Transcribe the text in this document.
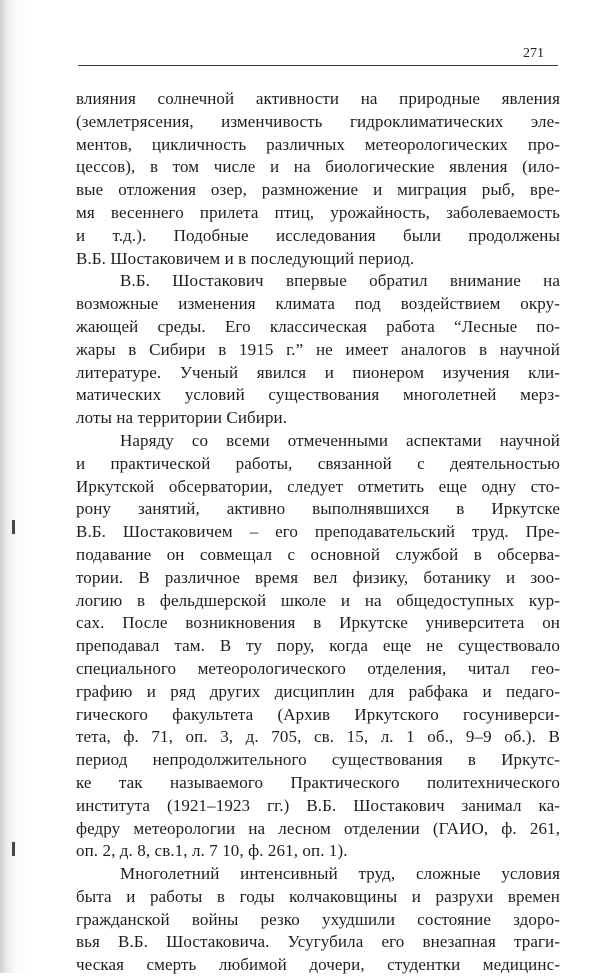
271
влияния солнечной активности на природные явления
(землетрясения, изменчивость гидроклиматических эле-
ментов, цикличность различных метеорологических про-
цессов), в том числе и на биологические явления (ило-
вые отложения озер, размножение и миграция рыб, вре-
мя весеннего прилета птиц, урожайность, заболеваемость
и т.д.). Подобные исследования были продолжены
В.Б. Шостаковичем и в последующий период.
В.Б. Шостакович впервые обратил внимание на
возможные изменения климата под воздействием окру-
жающей среды. Его классическая работа “Лесные по-
жары в Сибири в 1915 г.” не имеет аналогов в научной
литературе. Ученый явился и пионером изучения кли-
матических условий существования многолетней мерз-
лоты на территории Сибири.
Наряду со всеми отмеченными аспектами научной
и практической работы, связанной с деятельностью
Иркутской обсерватории, следует отметить еще одну сто-
рону занятий, активно выполнявшихся в Иркутске
В.Б. Шостаковичем – его преподавательский труд. Пре-
подавание он совмещал с основной службой в обсерва-
тории. В различное время вел физику, ботанику и зоо-
логию в фельдшерской школе и на общедоступных кур-
сах. После возникновения в Иркутске университета он
преподавал там. В ту пору, когда еще не существовало
специального метеорологического отделения, читал гео-
графию и ряд других дисциплин для рабфака и педаго-
гического факультета (Архив Иркутского госуниверси-
тета, ф. 71, оп. 3, д. 705, св. 15, л. 1 об., 9–9 об.). В
период непродолжительного существования в Иркутс-
ке так называемого Практического политехнического
института (1921–1923 гг.) В.Б. Шостакович занимал ка-
федру метеорологии на лесном отделении (ГАИО, ф. 261,
оп. 2, д. 8, св.1, л. 7 10, ф. 261, оп. 1).
Многолетний интенсивный труд, сложные условия
быта и работы в годы колчаковщины и разрухи времен
гражданской войны резко ухудшили состояние здоро-
вья В.Б. Шостаковича. Усугубила его внезапная траги-
ческая смерть любимой дочери, студентки медицинс-
